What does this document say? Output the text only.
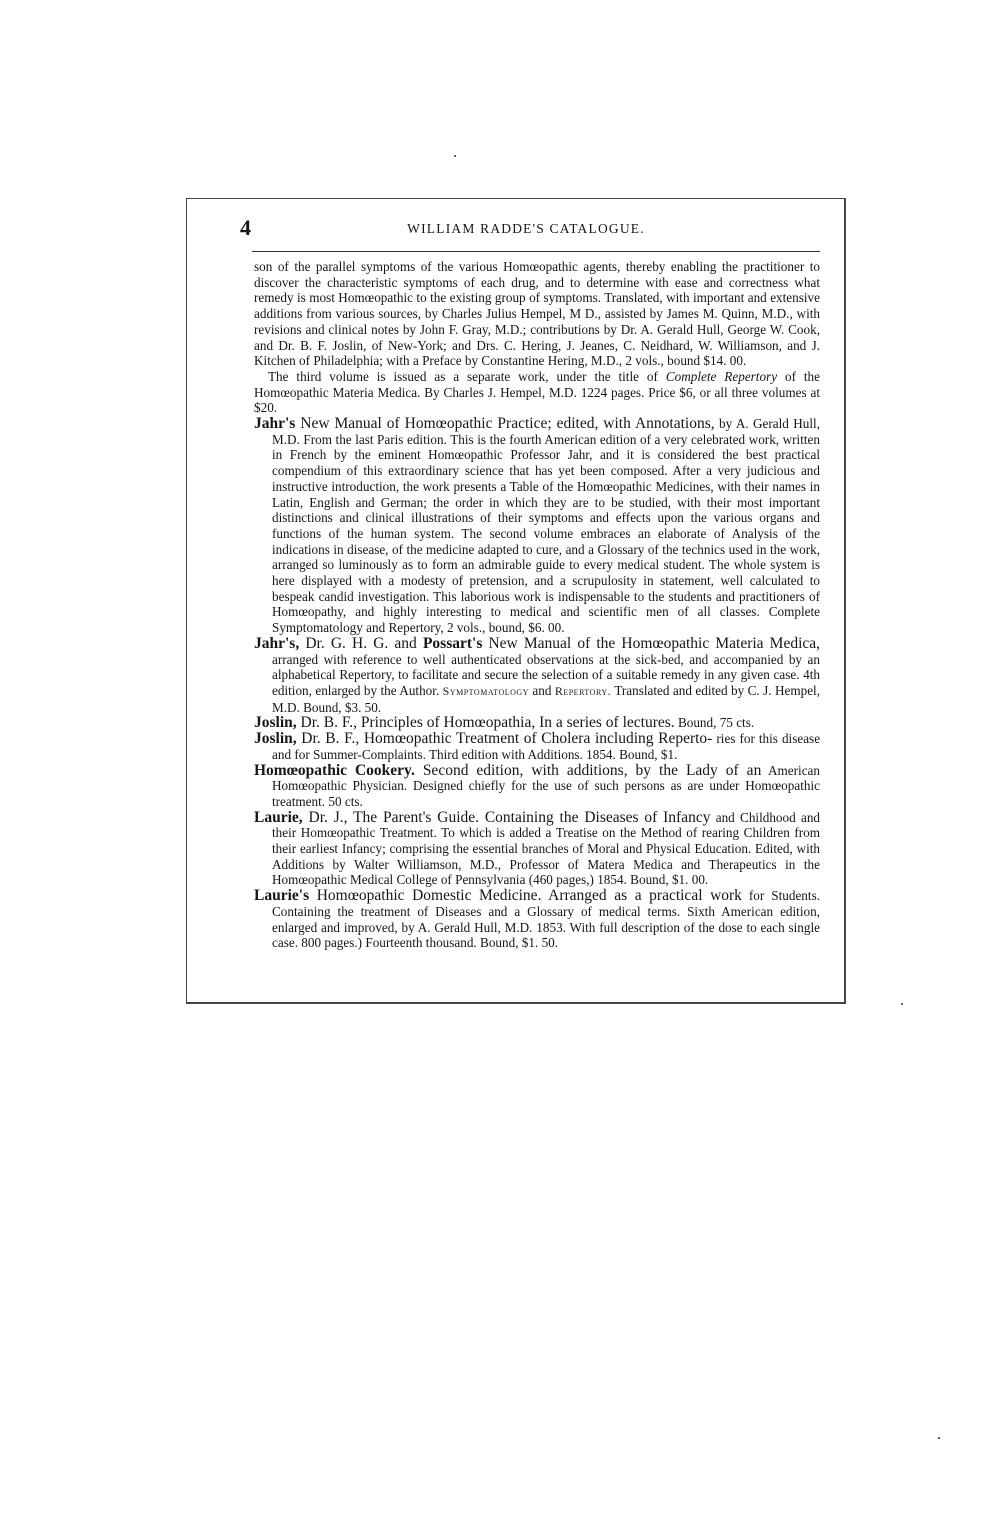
4	WILLIAM RADDE'S CATALOGUE.

son of the parallel symptoms of the various Homœopathic agents, thereby enabling the practitioner to discover the characteristic symptoms of each drug, and to determine with ease and correctness what remedy is most Homœopathic to the existing group of symptoms. Translated, with important and extensive additions from various sources, by Charles Julius Hempel, M D., assisted by James M. Quinn, M.D., with revisions and clinical notes by John F. Gray, M.D.; contributions by Dr. A. Gerald Hull, George W. Cook, and Dr. B. F. Joslin, of New-York; and Drs. C. Hering, J. Jeanes, C. Neidhard, W. Williamson, and J. Kitchen of Philadelphia; with a Preface by Constantine Hering, M.D., 2 vols., bound $14. 00.

The third volume is issued as a separate work, under the title of Complete Repertory of the Homœopathic Materia Medica. By Charles J. Hempel, M.D. 1224 pages. Price $6, or all three volumes at $20.

Jahr's New Manual of Homœopathic Practice; edited, with Annotations, by A. Gerald Hull, M.D. From the last Paris edition. This is the fourth American edition of a very celebrated work, written in French by the eminent Homœopathic Professor Jahr, and it is considered the best practical compendium of this extraordinary science that has yet been composed. After a very judicious and instructive introduction, the work presents a Table of the Homœopathic Medicines, with their names in Latin, English and German; the order in which they are to be studied, with their most important distinctions and clinical illustrations of their symptoms and effects upon the various organs and functions of the human system. The second volume embraces an elaborate of Analysis of the indications in disease, of the medicine adapted to cure, and a Glossary of the technics used in the work, arranged so luminously as to form an admirable guide to every medical student. The whole system is here displayed with a modesty of pretension, and a scrupulosity in statement, well calculated to bespeak candid investigation. This laborious work is indispensable to the students and practitioners of Homœopathy, and highly interesting to medical and scientific men of all classes. Complete Symptomatology and Repertory, 2 vols., bound, $6. 00.

Jahr's, Dr. G. H. G. and Possart's New Manual of the Homœopathic Materia Medica, arranged with reference to well authenticated observations at the sick-bed, and accompanied by an alphabetical Repertory, to facilitate and secure the selection of a suitable remedy in any given case. 4th edition, enlarged by the Author. Symptomatology and Repertory. Translated and edited by C. J. Hempel, M.D. Bound, $3. 50.

Joslin, Dr. B. F., Principles of Homœopathia, In a series of lectures. Bound, 75 cts.

Joslin, Dr. B. F., Homœopathic Treatment of Cholera including Reperto- ries for this disease and for Summer-Complaints. Third edition with Additions. 1854. Bound, $1.

Homœopathic Cookery. Second edition, with additions, by the Lady of an American Homœopathic Physician. Designed chiefly for the use of such persons as are under Homœopathic treatment. 50 cts.

Laurie, Dr. J., The Parent's Guide. Containing the Diseases of Infancy and Childhood and their Homœopathic Treatment. To which is added a Treatise on the Method of rearing Children from their earliest Infancy; comprising the essential branches of Moral and Physical Education. Edited, with Additions by Walter Williamson, M.D., Professor of Matera Medica and Therapeutics in the Homœopathic Medical College of Pennsylvania (460 pages,) 1854. Bound, $1. 00.

Laurie's Homœopathic Domestic Medicine. Arranged as a practical work for Students. Containing the treatment of Diseases and a Glossary of medical terms. Sixth American edition, enlarged and improved, by A. Gerald Hull, M.D. 1853. With full description of the dose to each single case. 800 pages.) Fourteenth thousand. Bound, $1. 50.
